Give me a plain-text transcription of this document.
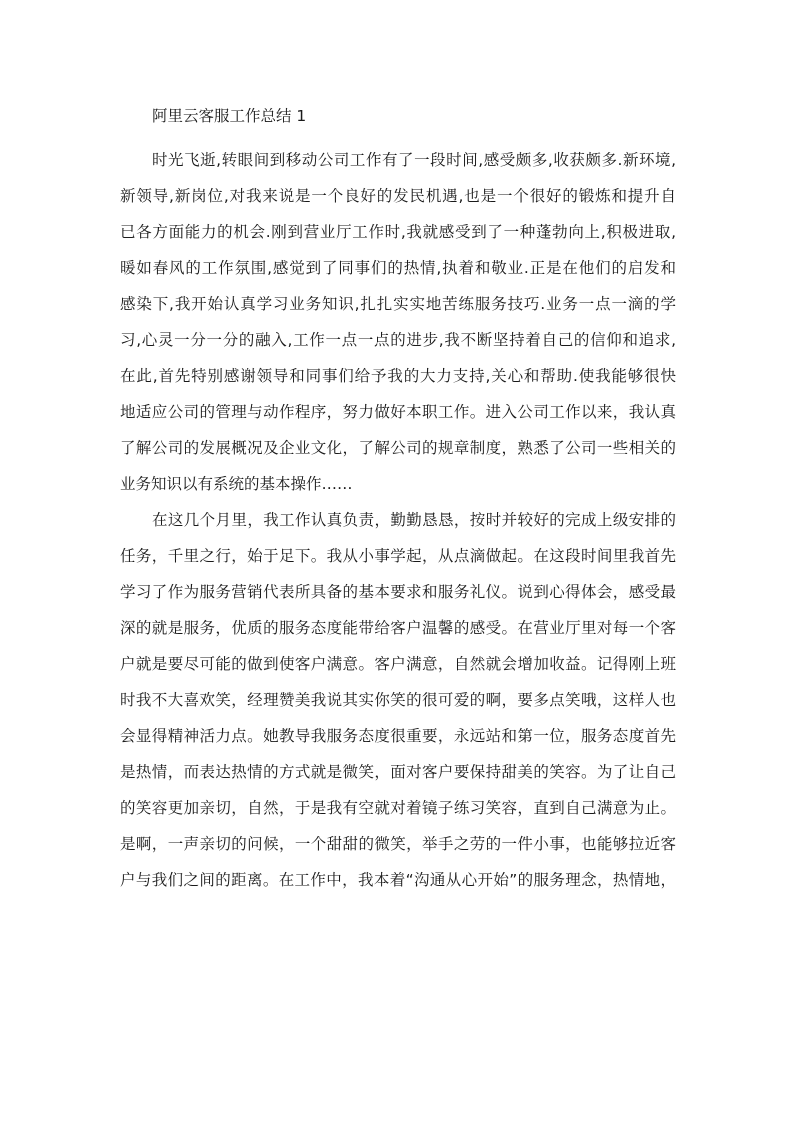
阿里云客服工作总结 1
时光飞逝,转眼间到移动公司工作有了一段时间,感受颇多,收获颇多.新环境,
新领导,新岗位,对我来说是一个良好的发民机遇,也是一个很好的锻炼和提升自
已各方面能力的机会.刚到营业厅工作时,我就感受到了一种蓬勃向上,积极进取,
暖如春风的工作氛围,感觉到了同事们的热情,执着和敬业.正是在他们的启发和
感染下,我开始认真学习业务知识,扎扎实实地苦练服务技巧.业务一点一滴的学
习,心灵一分一分的融入,工作一点一点的进步,我不断坚持着自己的信仰和追求,
在此,首先特别感谢领导和同事们给予我的大力支持,关心和帮助.使我能够很快
地适应公司的管理与动作程序，努力做好本职工作。进入公司工作以来，我认真
了解公司的发展概况及企业文化，了解公司的规章制度，熟悉了公司一些相关的
业务知识以有系统的基本操作……
在这几个月里，我工作认真负责，勤勤恳恳，按时并较好的完成上级安排的
任务，千里之行，始于足下。我从小事学起，从点滴做起。在这段时间里我首先
学习了作为服务营销代表所具备的基本要求和服务礼仪。说到心得体会，感受最
深的就是服务，优质的服务态度能带给客户温馨的感受。在营业厅里对每一个客
户就是要尽可能的做到使客户满意。客户满意，自然就会增加收益。记得刚上班
时我不大喜欢笑，经理赞美我说其实你笑的很可爱的啊，要多点笑哦，这样人也
会显得精神活力点。她教导我服务态度很重要，永远站和第一位，服务态度首先
是热情，而表达热情的方式就是微笑，面对客户要保持甜美的笑容。为了让自己
的笑容更加亲切，自然，于是我有空就对着镜子练习笑容，直到自己满意为止。
是啊，一声亲切的问候，一个甜甜的微笑，举手之劳的一件小事，也能够拉近客
户与我们之间的距离。在工作中，我本着“沟通从心开始”的服务理念，热情地，
